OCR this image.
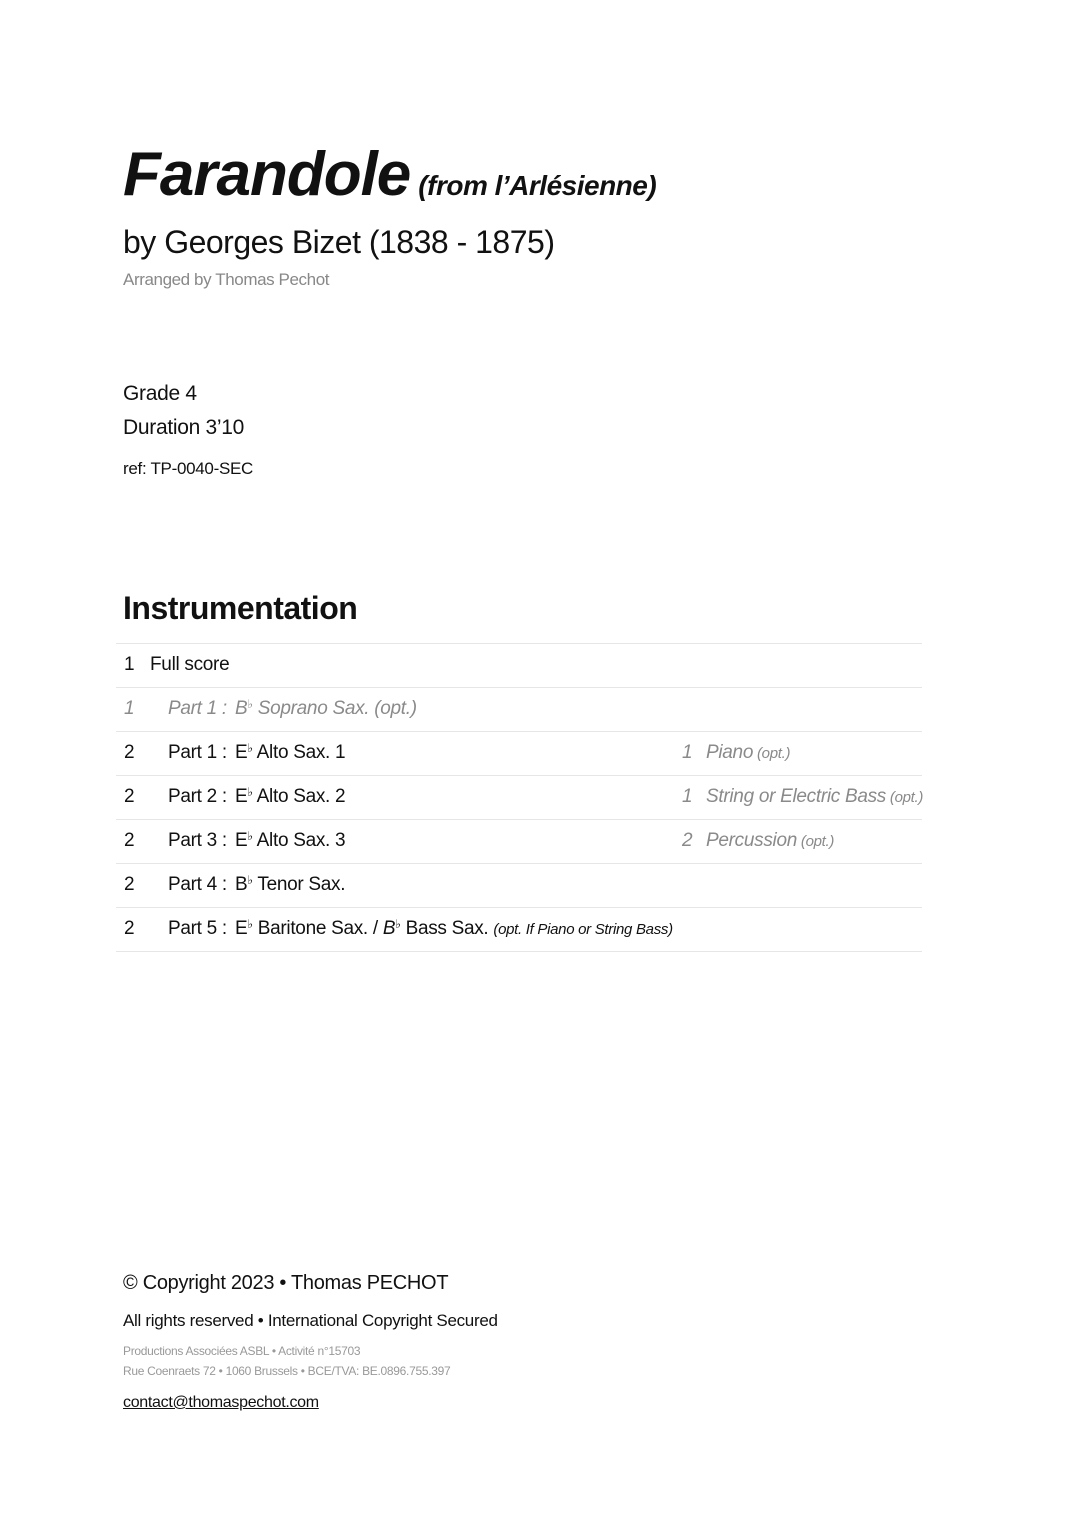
Farandole (from l’Arlésienne)
by Georges Bizet (1838 - 1875)
Arranged by Thomas Pechot
Grade 4
Duration 3’10
ref: TP-0040-SEC
Instrumentation
1 Full score
1 Part 1 : B♭ Soprano Sax. (opt.)
2 Part 1 : E♭ Alto Sax. 1	1 Piano (opt.)
2 Part 2 : E♭ Alto Sax. 2	1 String or Electric Bass (opt.)
2 Part 3 : E♭ Alto Sax. 3	2 Percussion (opt.)
2 Part 4 : B♭ Tenor Sax.
2 Part 5 : E♭ Baritone Sax. / B♭ Bass Sax. (opt. If Piano or String Bass)
© Copyright 2023 • Thomas PECHOT
All rights reserved • International Copyright Secured
Productions Associées ASBL • Activité n°15703
Rue Coenraets 72 • 1060 Brussels • BCE/TVA: BE.0896.755.397
contact@thomaspechot.com
